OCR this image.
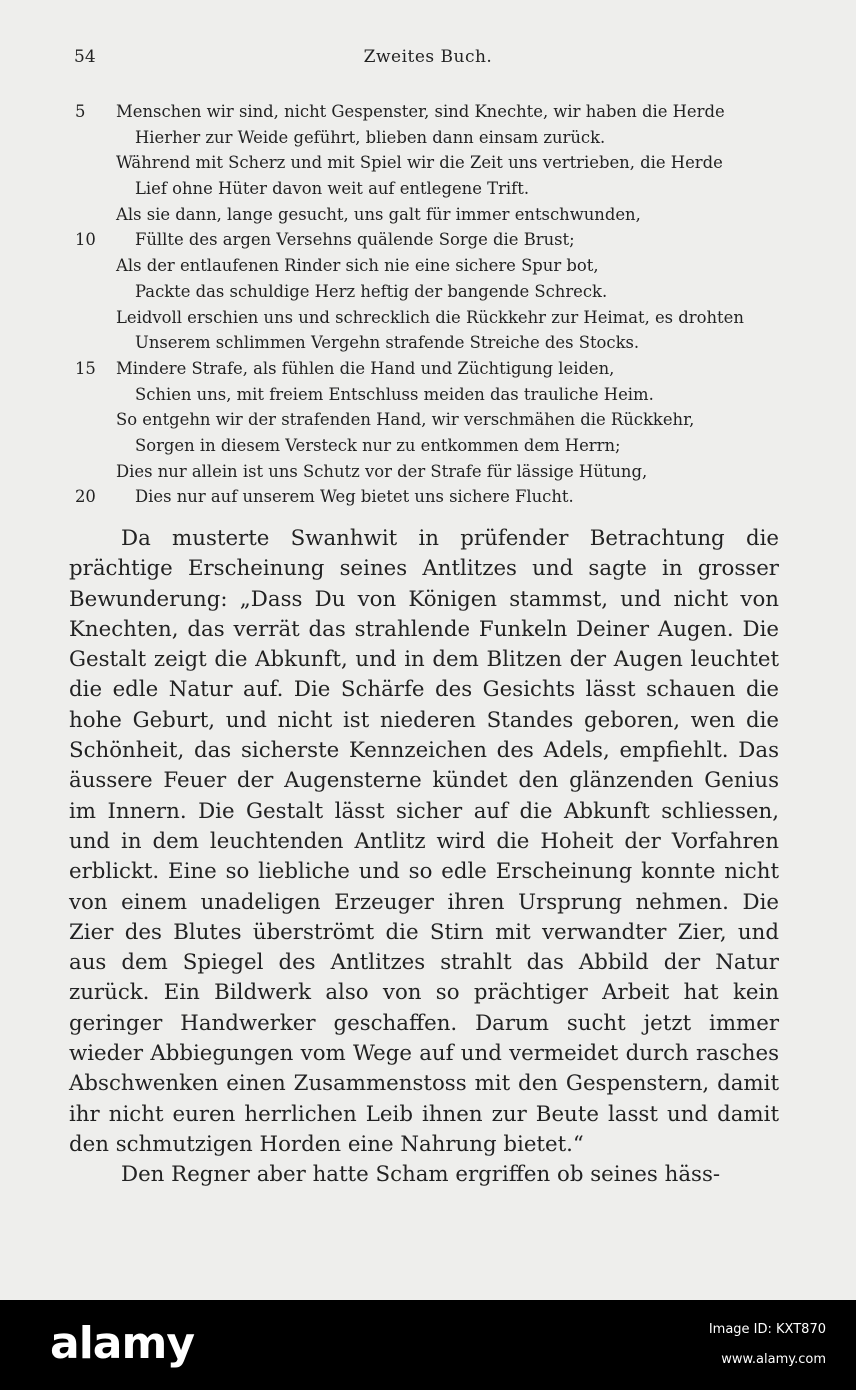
54	Zweites Buch.
5 Menschen wir sind, nicht Gespenster, sind Knechte, wir haben die Herde
Hierher zur Weide geführt, blieben dann einsam zurück.
Während mit Scherz und mit Spiel wir die Zeit uns vertrieben, die Herde
Lief ohne Hüter davon weit auf entlegene Trift.
Als sie dann, lange gesucht, uns galt für immer entschwunden,
10 Füllte des argen Versehns quälende Sorge die Brust;
Als der entlaufenen Rinder sich nie eine sichere Spur bot,
Packte das schuldige Herz heftig der bangende Schreck.
Leidvoll erschien uns und schrecklich die Rückkehr zur Heimat, es drohten
Unserem schlimmen Vergehn strafende Streiche des Stocks.
15 Mindere Strafe, als fühlen die Hand und Züchtigung leiden,
Schien uns, mit freiem Entschluss meiden das trauliche Heim.
So entgehn wir der strafenden Hand, wir verschmähen die Rückkehr,
Sorgen in diesem Versteck nur zu entkommen dem Herrn;
Dies nur allein ist uns Schutz vor der Strafe für lässige Hütung,
20 Dies nur auf unserem Weg bietet uns sichere Flucht.

Da musterte Swanhwit in prüfender Betrachtung die prächtige Erscheinung seines Antlitzes und sagte in grosser Bewunderung: „Dass Du von Königen stammst, und nicht von Knechten, das verrät das strahlende Funkeln Deiner Augen. Die Gestalt zeigt die Abkunft, und in dem Blitzen der Augen leuchtet die edle Natur auf. Die Schärfe des Gesichts lässt schauen die hohe Geburt, und nicht ist niederen Standes geboren, wen die Schönheit, das sicherste Kennzeichen des Adels, empfiehlt. Das äussere Feuer der Augensterne kündet den glänzenden Genius im Innern. Die Gestalt lässt sicher auf die Abkunft schliessen, und in dem leuchtenden Antlitz wird die Hoheit der Vorfahren erblickt. Eine so liebliche und so edle Erscheinung konnte nicht von einem unadeligen Erzeuger ihren Ursprung nehmen. Die Zier des Blutes überströmt die Stirn mit verwandter Zier, und aus dem Spiegel des Antlitzes strahlt das Abbild der Natur zurück. Ein Bildwerk also von so prächtiger Arbeit hat kein geringer Handwerker geschaffen. Darum sucht jetzt immer wieder Abbiegungen vom Wege auf und vermeidet durch rasches Abschwenken einen Zusammenstoss mit den Gespenstern, damit ihr nicht euren herrlichen Leib ihnen zur Beute lasst und damit den schmutzigen Horden eine Nahrung bietet.“

Den Regner aber hatte Scham ergriffen ob seines häss-

alamy	Image ID: KXT870
www.alamy.com
